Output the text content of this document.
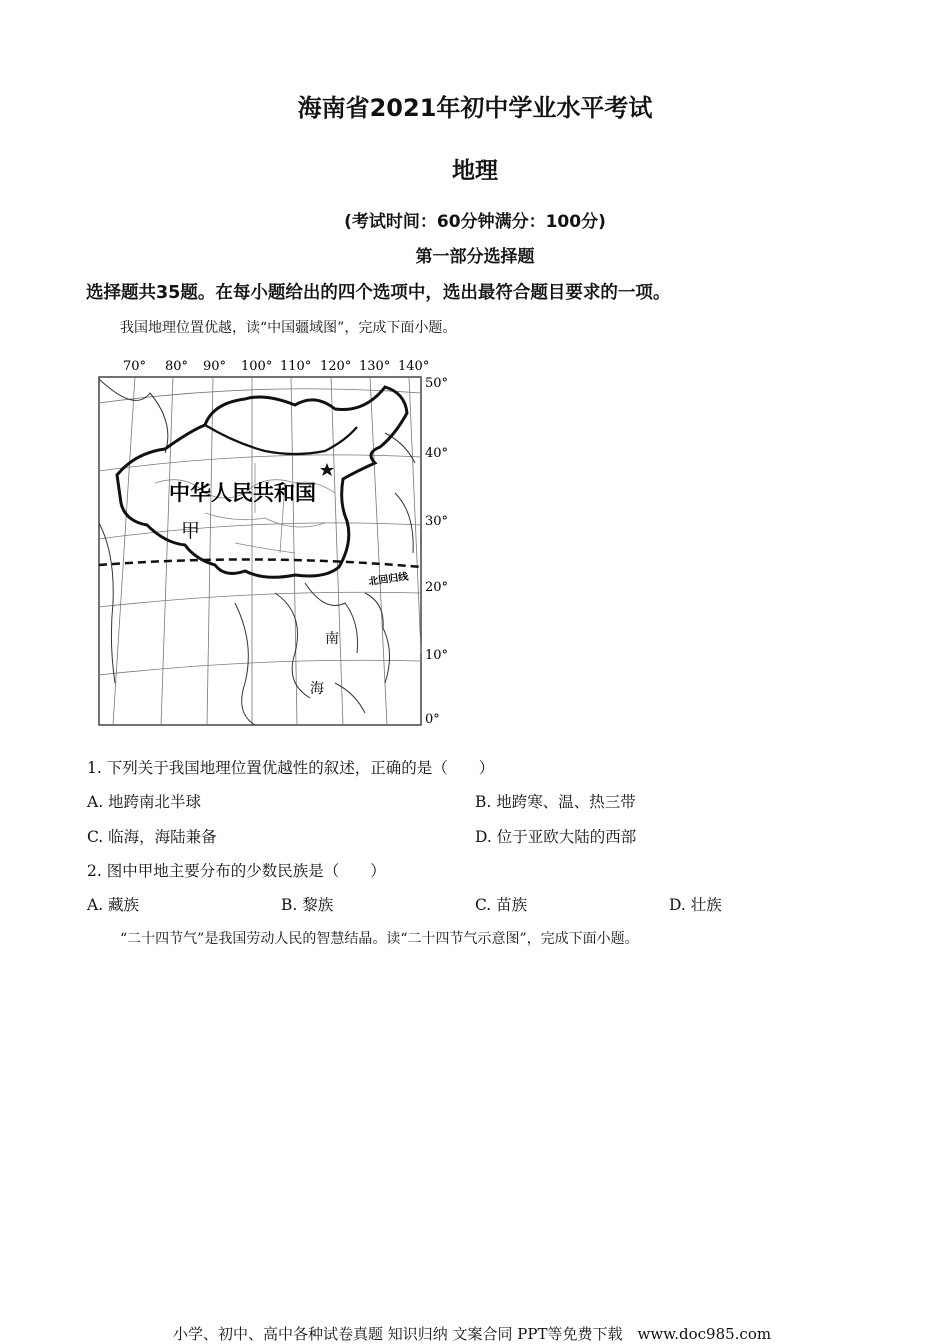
海南省2021年初中学业水平考试
地理
(考试时间：60分钟满分：100分)
第一部分选择题
选择题共35题。在每小题给出的四个选项中，选出最符合题目要求的一项。
我国地理位置优越，读“中国疆域图”，完成下面小题。
70° 80° 90° 100° 110° 120° 130° 140°
50°
40°
30°
20°
10°
0°
北回归线
中华人民共和国
甲
南
海
1. 下列关于我国地理位置优越性的叙述，正确的是（　　）
A. 地跨南北半球	B. 地跨寒、温、热三带
C. 临海，海陆兼备	D. 位于亚欧大陆的西部
2. 图中甲地主要分布的少数民族是（　　）
A. 藏族	B. 黎族	C. 苗族	D. 壮族
“二十四节气”是我国劳动人民的智慧结晶。读“二十四节气示意图”，完成下面小题。
小学、初中、高中各种试卷真题 知识归纳 文案合同 PPT等免费下载　www.doc985.com
